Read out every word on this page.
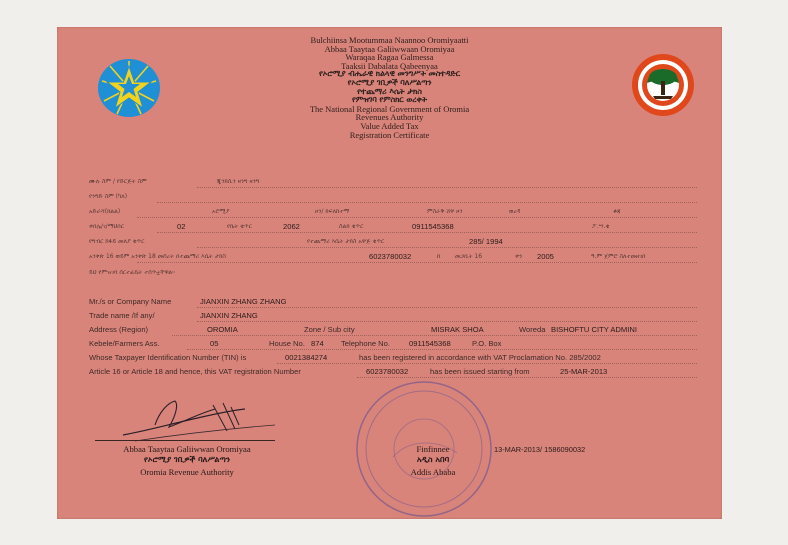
Bulchiinsa Mootummaa Naannoo Oromiyaatti
Abbaa Taaytaa Galiiwwaan Oromiyaa
Waraqaa Ragaa Galmessa
Taaksii Dabalata Qabeenyaa
የኦሮሚያ ብሔራዊ ክልላዊ መንግሥት መስተዳድር
የኦሮሚያ ገቢዎች ባለሥልጣን
የተጨማሪ እሴት ታክስ
የምዝገባ የምስክር ወረቀት
The National Regional Government of Oromia
Revenues Authority
Value Added Tax
Registration Certificate
ሙሉ ስም / የድርጅት ስም	ጂንክሲን ዛንግ ዛንግ
የንግድ ስም (ካለ)
አድራሻ(ክልል)	ኦሮሚያ	ዞን/ ክፍለከተማ	ምስራቅ ሸዋ ዞን	ወረዳ	ቆጃ
ቀበሌ/ገ/ማህበር	02	የቤት ቁጥር	2062	ስልክ ቁጥር	0911545368	ፖ.ሣ.ቁ
የግብር ከፋይ መለያ ቁጥር	የተጨማሪ እሴት ታክስ አዋጅ ቁጥር	285/ 1994
አንቀጽ 16 ወይም አንቀጽ 18 መሰረት በተጨማሪ እሴት ታክስ	6023780032	ከ መጋቢት 16	ቀን 2005	ዓ.ም ጀምሮ ስለተመዘገበ
ይህ የምዝገባ ሰርተፊኬት ተሰጥቷቸዋል።
Mr./s or Company Name	JIANXIN ZHANG ZHANG
Trade name /If any/	JIANXIN ZHANG
Address (Region)	OROMIA	Zone / Sub city	MISRAK SHOA	Woreda BISHOFTU CITY ADMINI
Kebele/Farmers Ass.	05	House No. 874 Telephone No.	0911545368	P.O. Box
Whose Taxpayer Identification Number (TIN) is	0021384274	has been registered in accordance with VAT Proclamation No. 285/2002
Article 16 or Article 18 and hence, this VAT registration Number	6023780032	has been issued starting from	25-MAR-2013
Abbaa Taaytaa Galiiwwan Oromiyaa
የኦሮሚያ ገቢዎች ባለሥልጣን
Oromia Revenue Authority
Finfinnee
አዲስ አበባ
Addis Ababa
13-MAR-2013/ 1586090032
